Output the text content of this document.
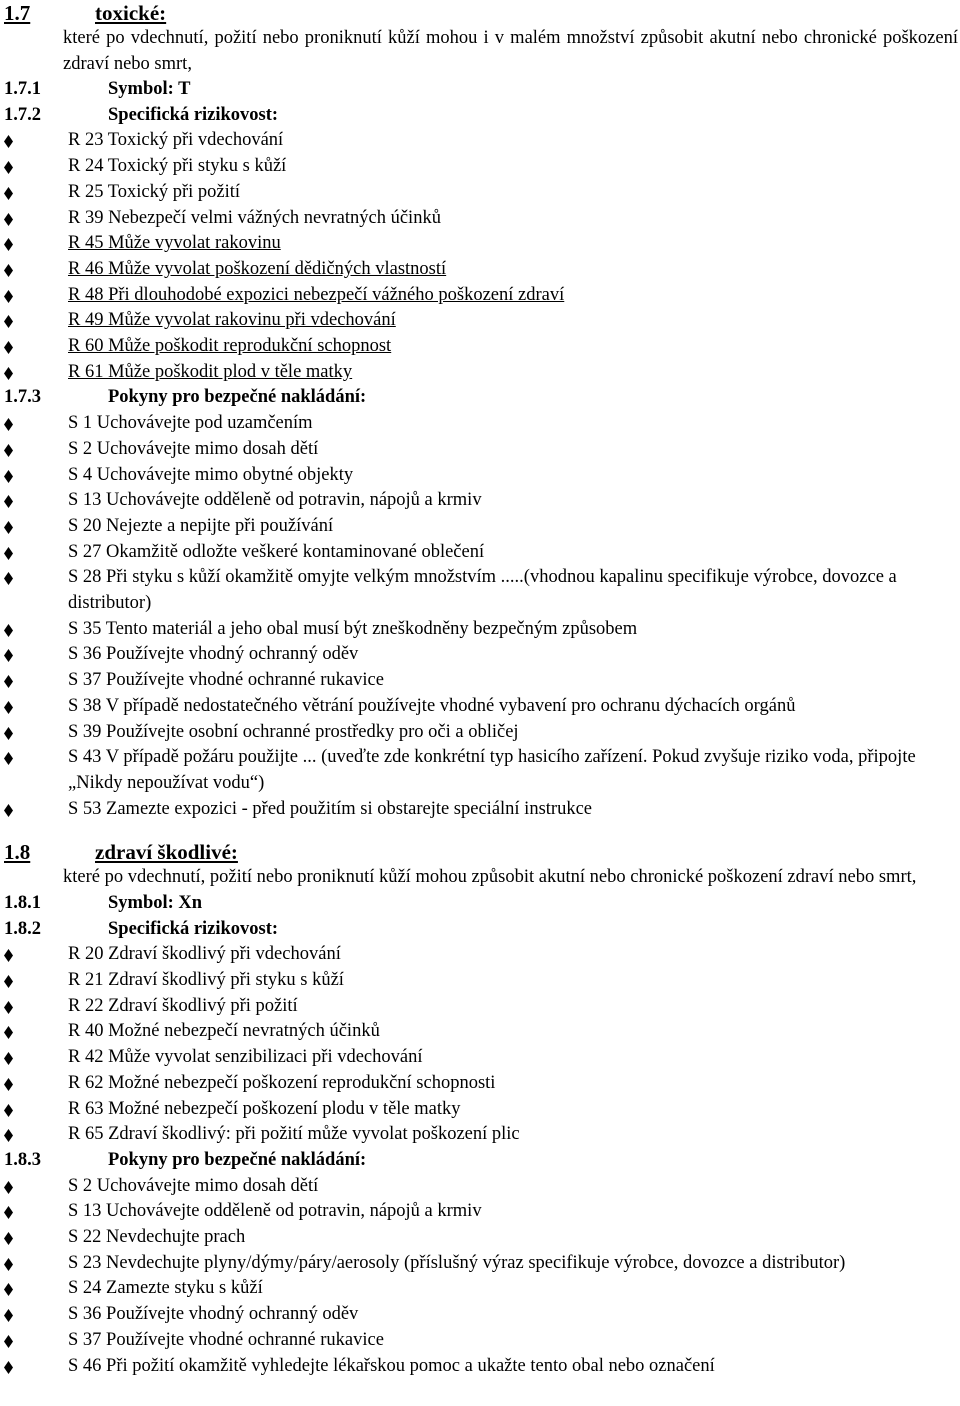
1.7	toxické:
které po vdechnutí, požití nebo proniknutí kůží mohou i v malém množství způsobit akutní nebo chronické poškození zdraví nebo smrt,
1.7.1	Symbol: T
1.7.2	Specifická rizikovost:
R 23 Toxický při vdechování
R 24 Toxický při styku s kůží
R 25 Toxický při požití
R 39 Nebezpečí velmi vážných nevratných účinků
R 45 Může vyvolat rakovinu
R 46 Může vyvolat poškození dědičných vlastností
R 48 Při dlouhodobé expozici nebezpečí vážného poškození zdraví
R 49 Může vyvolat rakovinu při vdechování
R 60 Může poškodit reprodukční schopnost
R 61 Může poškodit plod v těle matky
1.7.3	Pokyny pro bezpečné nakládání:
S 1 Uchovávejte pod uzamčením
S 2 Uchovávejte mimo dosah dětí
S 4 Uchovávejte mimo obytné objekty
S 13 Uchovávejte odděleně od potravin, nápojů a krmiv
S 20 Nejezte a nepijte při používání
S 27 Okamžitě odložte veškeré kontaminované oblečení
S 28 Při styku s kůží okamžitě omyjte velkým množstvím .....(vhodnou kapalinu specifikuje výrobce, dovozce a distributor)
S 35 Tento materiál a jeho obal musí být zneškodněny bezpečným způsobem
S 36 Používejte vhodný ochranný oděv
S 37 Používejte vhodné ochranné rukavice
S 38 V případě nedostatečného větrání používejte vhodné vybavení pro ochranu dýchacích orgánů
S 39 Používejte osobní ochranné prostředky pro oči a obličej
S 43 V případě požáru použijte ... (uveďte zde konkrétní typ hasicího zařízení. Pokud zvyšuje riziko voda, připojte „Nikdy nepoužívat vodu“)
S 53 Zamezte expozici - před použitím si obstarejte speciální instrukce
1.8	zdraví škodlivé:
které po vdechnutí, požití nebo proniknutí kůží mohou způsobit akutní nebo chronické poškození zdraví nebo smrt,
1.8.1	Symbol: Xn
1.8.2	Specifická rizikovost:
R 20 Zdraví škodlivý při vdechování
R 21 Zdraví škodlivý při styku s kůží
R 22 Zdraví škodlivý při požití
R 40 Možné nebezpečí nevratných účinků
R 42 Může vyvolat senzibilizaci při vdechování
R 62 Možné nebezpečí poškození reprodukční schopnosti
R 63 Možné nebezpečí poškození plodu v těle matky
R 65 Zdraví škodlivý: při požití může vyvolat poškození plic
1.8.3	Pokyny pro bezpečné nakládání:
S 2 Uchovávejte mimo dosah dětí
S 13 Uchovávejte odděleně od potravin, nápojů a krmiv
S 22 Nevdechujte prach
S 23 Nevdechujte plyny/dýmy/páry/aerosoly (příslušný výraz specifikuje výrobce, dovozce a distributor)
S 24 Zamezte styku s kůží
S 36 Používejte vhodný ochranný oděv
S 37 Používejte vhodné ochranné rukavice
S 46 Při požití okamžitě vyhledejte lékařskou pomoc a ukažte tento obal nebo označení
